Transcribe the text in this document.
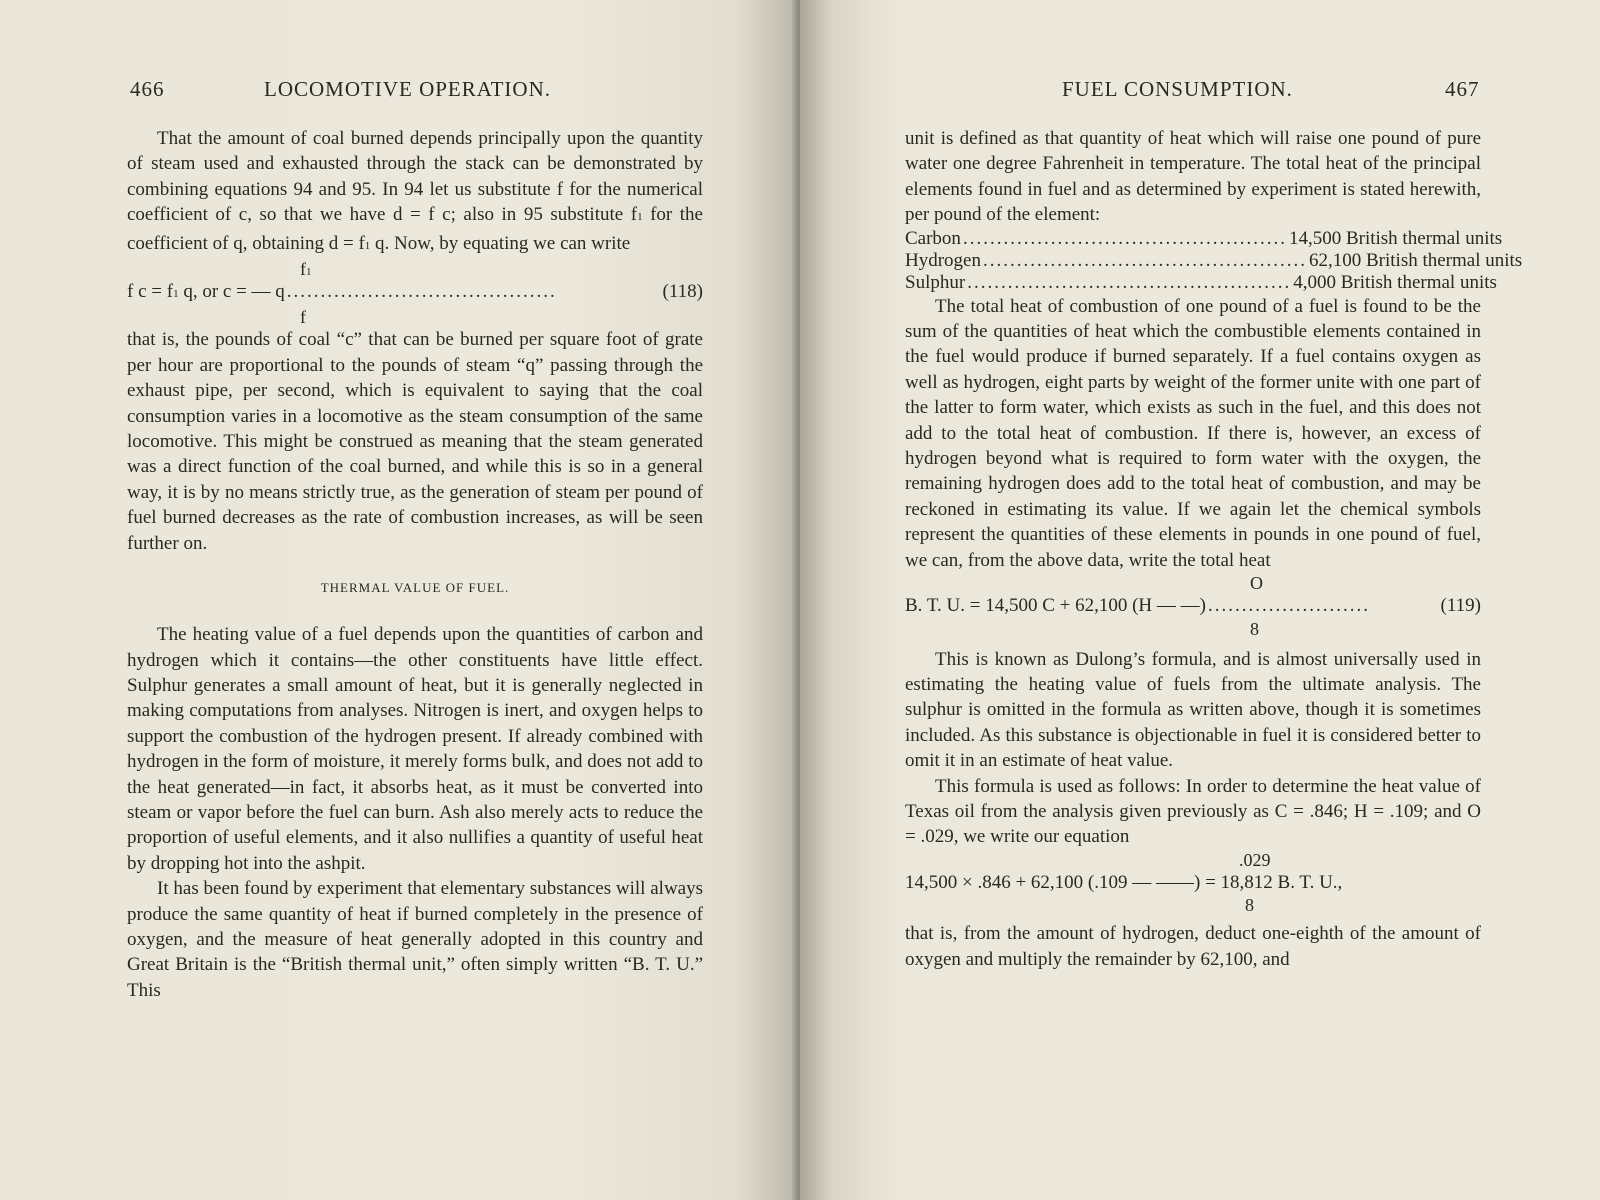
466	LOCOMOTIVE OPERATION.

That the amount of coal burned depends principally upon the quantity of steam used and exhausted through the stack can be demonstrated by combining equations 94 and 95. In 94 let us substitute f for the numerical coefficient of c, so that we have d = f c; also in 95 substitute f1 for the coefficient of q, obtaining d = f1 q. Now, by equating we can write

f1
f c = f1 q, or c = — q ........................................	(118)
f

that is, the pounds of coal “c” that can be burned per square foot of grate per hour are proportional to the pounds of steam “q” passing through the exhaust pipe, per second, which is equivalent to saying that the coal consumption varies in a locomotive as the steam consumption of the same locomotive. This might be construed as meaning that the steam generated was a direct function of the coal burned, and while this is so in a general way, it is by no means strictly true, as the generation of steam per pound of fuel burned decreases as the rate of combustion increases, as will be seen further on.

THERMAL VALUE OF FUEL.

The heating value of a fuel depends upon the quantities of carbon and hydrogen which it contains—the other constituents have little effect. Sulphur generates a small amount of heat, but it is generally neglected in making computations from analyses. Nitrogen is inert, and oxygen helps to support the combustion of the hydrogen present. If already combined with hydrogen in the form of moisture, it merely forms bulk, and does not add to the heat generated—in fact, it absorbs heat, as it must be converted into steam or vapor before the fuel can burn. Ash also merely acts to reduce the proportion of useful elements, and it also nullifies a quantity of useful heat by dropping hot into the ashpit.

It has been found by experiment that elementary substances will always produce the same quantity of heat if burned completely in the presence of oxygen, and the measure of heat generally adopted in this country and Great Britain is the “British thermal unit,” often simply written “B. T. U.” This

FUEL CONSUMPTION.	467

unit is defined as that quantity of heat which will raise one pound of pure water one degree Fahrenheit in temperature. The total heat of the principal elements found in fuel and as determined by experiment is stated herewith, per pound of the element:

Carbon ................................................ 14,500 British thermal units
Hydrogen ................................................ 62,100 British thermal units
Sulphur ................................................ 4,000 British thermal units

The total heat of combustion of one pound of a fuel is found to be the sum of the quantities of heat which the combustible elements contained in the fuel would produce if burned separately. If a fuel contains oxygen as well as hydrogen, eight parts by weight of the former unite with one part of the latter to form water, which exists as such in the fuel, and this does not add to the total heat of combustion. If there is, however, an excess of hydrogen beyond what is required to form water with the oxygen, the remaining hydrogen does add to the total heat of combustion, and may be reckoned in estimating its value. If we again let the chemical symbols represent the quantities of these elements in pounds in one pound of fuel, we can, from the above data, write the total heat

O
B. T. U. = 14,500 C + 62,100 (H — —) ........................	(119)
8

This is known as Dulong’s formula, and is almost universally used in estimating the heating value of fuels from the ultimate analysis. The sulphur is omitted in the formula as written above, though it is sometimes included. As this substance is objectionable in fuel it is considered better to omit it in an estimate of heat value.

This formula is used as follows: In order to determine the heat value of Texas oil from the analysis given previously as C = .846; H = .109; and O = .029, we write our equation

.029
14,500 × .846 + 62,100 (.109 — ——) = 18,812 B. T. U.,
8

that is, from the amount of hydrogen, deduct one-eighth of the amount of oxygen and multiply the remainder by 62,100, and
